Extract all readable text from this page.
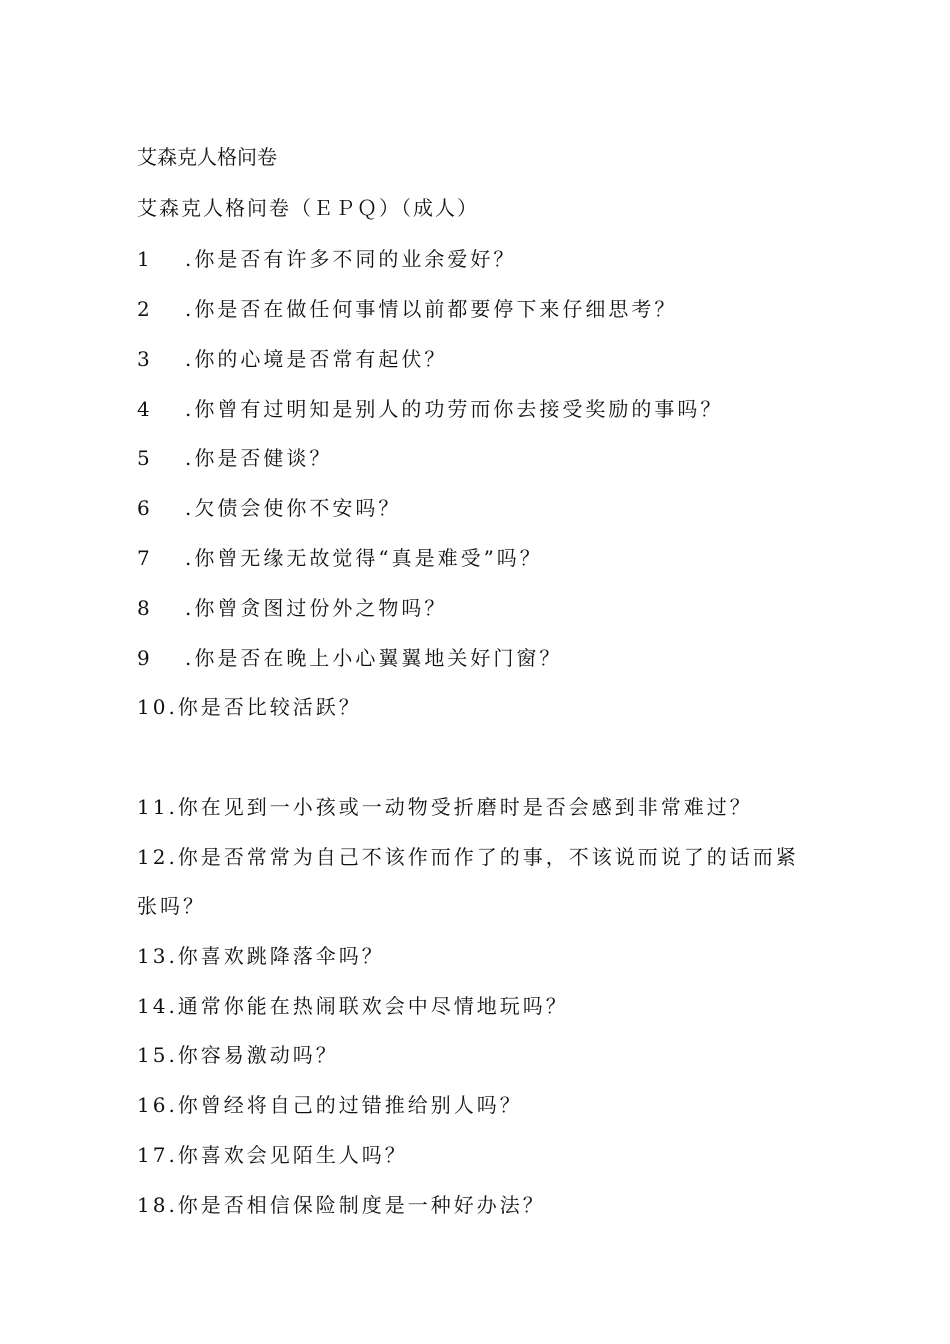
艾森克人格问卷
艾森克人格问卷（ＥＰＱ）（成人）
1 .你是否有许多不同的业余爱好？
2 .你是否在做任何事情以前都要停下来仔细思考？
3 .你的心境是否常有起伏？
4 .你曾有过明知是别人的功劳而你去接受奖励的事吗？
5 .你是否健谈？
6 .欠债会使你不安吗？
7 .你曾无缘无故觉得“真是难受”吗？
8 .你曾贪图过份外之物吗？
9 .你是否在晚上小心翼翼地关好门窗？
10.你是否比较活跃？
11.你在见到一小孩或一动物受折磨时是否会感到非常难过？
12.你是否常常为自己不该作而作了的事，不该说而说了的话而紧
张吗？
13.你喜欢跳降落伞吗？
14.通常你能在热闹联欢会中尽情地玩吗？
15.你容易激动吗？
16.你曾经将自己的过错推给别人吗？
17.你喜欢会见陌生人吗？
18.你是否相信保险制度是一种好办法？
